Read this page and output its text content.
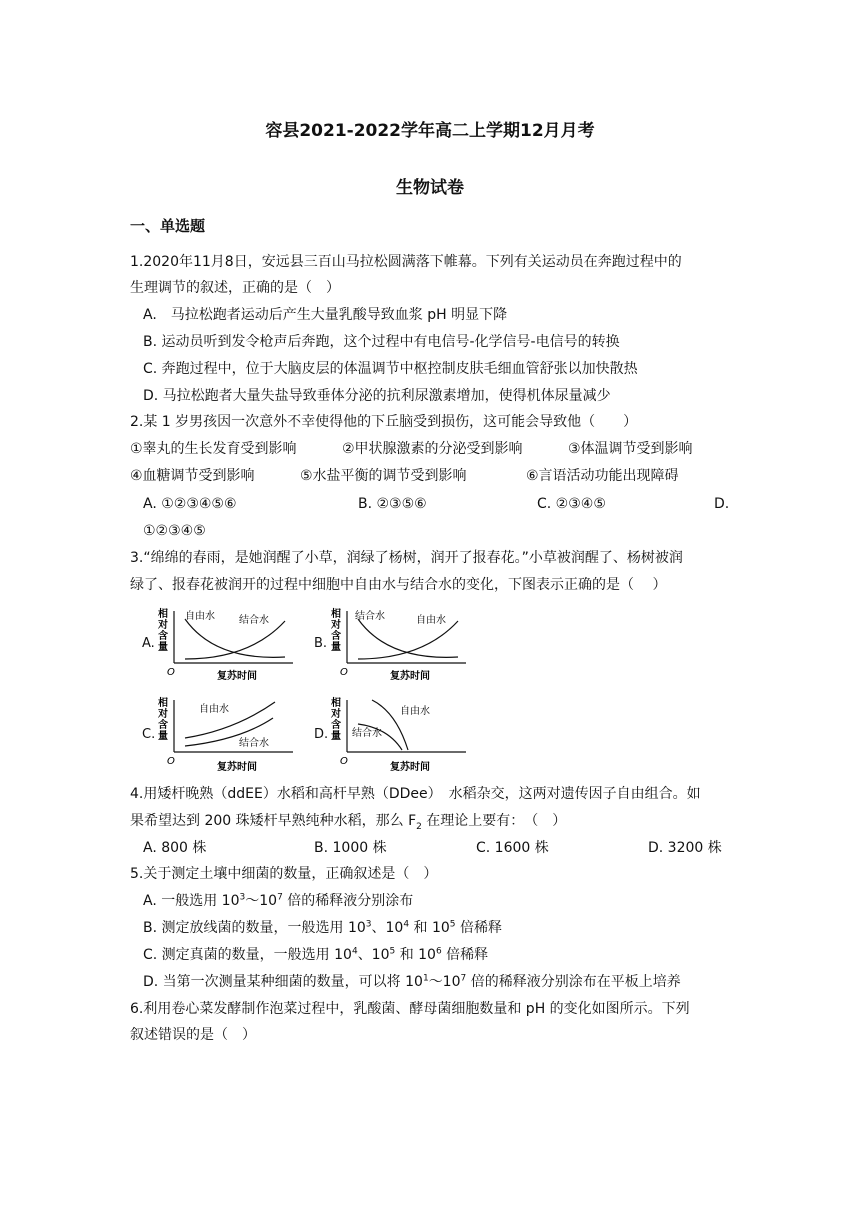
容县2021-2022学年高二上学期12月月考
生物试卷
一、单选题
1.2020年11月8日，安远县三百山马拉松圆满落下帷幕。下列有关运动员在奔跑过程中的
生理调节的叙述，正确的是（　）
A.　马拉松跑者运动后产生大量乳酸导致血浆 pH 明显下降
B. 运动员听到发令枪声后奔跑，这个过程中有电信号-化学信号-电信号的转换
C. 奔跑过程中，位于大脑皮层的体温调节中枢控制皮肤毛细血管舒张以加快散热
D. 马拉松跑者大量失盐导致垂体分泌的抗利尿激素增加，使得机体尿量减少
2.某 1 岁男孩因一次意外不幸使得他的下丘脑受到损伤，这可能会导致他（　　）
①睾丸的生长发育受到影响	②甲状腺激素的分泌受到影响	③体温调节受到影响
④血糖调节受到影响	⑤水盐平衡的调节受到影响	⑥言语活动功能出现障碍
A. ①②③④⑤⑥	B. ②③⑤⑥	C. ②③④⑤	D.
①②③④⑤
3.“绵绵的春雨，是她润醒了小草，润绿了杨树，润开了报春花。”小草被润醒了、杨树被润
绿了、报春花被润开的过程中细胞中自由水与结合水的变化，下图表示正确的是（　 ）
A.
相
对
含
量
O	复苏时间
自由水 结合水
B.
相
对
含
量
O	复苏时间
结合水	自由水
C.
相
对
含
量
O
复苏时间
自由水
结合水
D.
相
对
含
量
O
复苏时间
自由水
结合水
4.用矮杆晚熟（ddEE）水稻和高杆早熟（DDee）　水稻杂交，这两对遗传因子自由组合。如
果希望达到 200 珠矮杆早熟纯种水稻，那么 $F_2$ 在理论上要有：　（　）
A. 800 株	B. 1000 株	C. 1600 株	D. 3200 株
5.关于测定土壤中细菌的数量，正确叙述是（　）
A. 一般选用 $10^3\sim 10^7$ 倍的稀释液分别涂布
B. 测定放线菌的数量，一般选用 $10^3$、$10^4$ 和 $10^5$ 倍稀释
C. 测定真菌的数量，一般选用 $10^4$、$10^5$ 和 $10^6$ 倍稀释
D. 当第一次测量某种细菌的数量，可以将 $10^1\sim 10^7$ 倍的稀释液分别涂布在平板上培养
6.利用卷心菜发酵制作泡菜过程中，乳酸菌、酵母菌细胞数量和 pH 的变化如图所示。下列
叙述错误的是（　）
